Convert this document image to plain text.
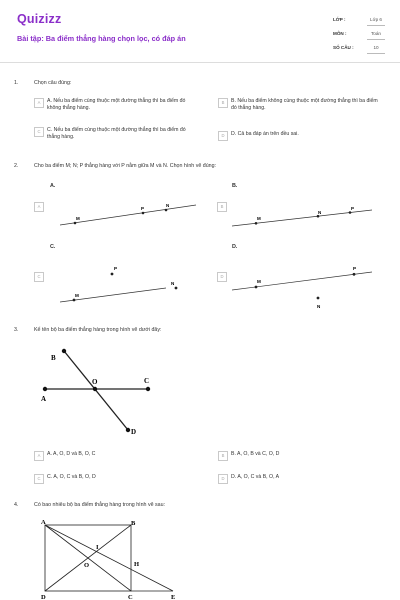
Quizizz
Bài tập: Ba điểm thẳng hàng chọn lọc, có đáp án
LỚP :	Lớp 6
MÔN :	Toán
SỐ CÂU :	10
1.	Chọn câu đúng:
A	A. Nếu ba điểm cùng thuộc một đường thẳng thì ba điểm đó không thẳng hàng.
B	B. Nếu ba điểm không cùng thuộc một đường thẳng thì ba điểm đó thẳng hàng.
C	C. Nếu ba điểm cùng thuộc một đường thẳng thì ba điểm đó thẳng hàng.	D	D. Cả ba đáp án trên đều sai.
2.	Cho ba điểm M; N; P thẳng hàng với P nằm giữa M và N. Chọn hình vẽ đúng:
A.
A
M
P
N
B.
B
M
N
P
C.
C
P
M
N
D.
D
M
P
N
3.	Kể tên bộ ba điểm thẳng hàng trong hình vẽ dưới đây:
B
O	C
A
D
A	A. A, O, D và B, O, C	B	B. A, O, B và C, O, D
C	C. A, O, C và B, O, D	D	D. A, O, C và B, O, A
4.	Có bao nhiêu bộ ba điểm thẳng hàng trong hình vẽ sau:
A	B
I
O	H
D	C	E
